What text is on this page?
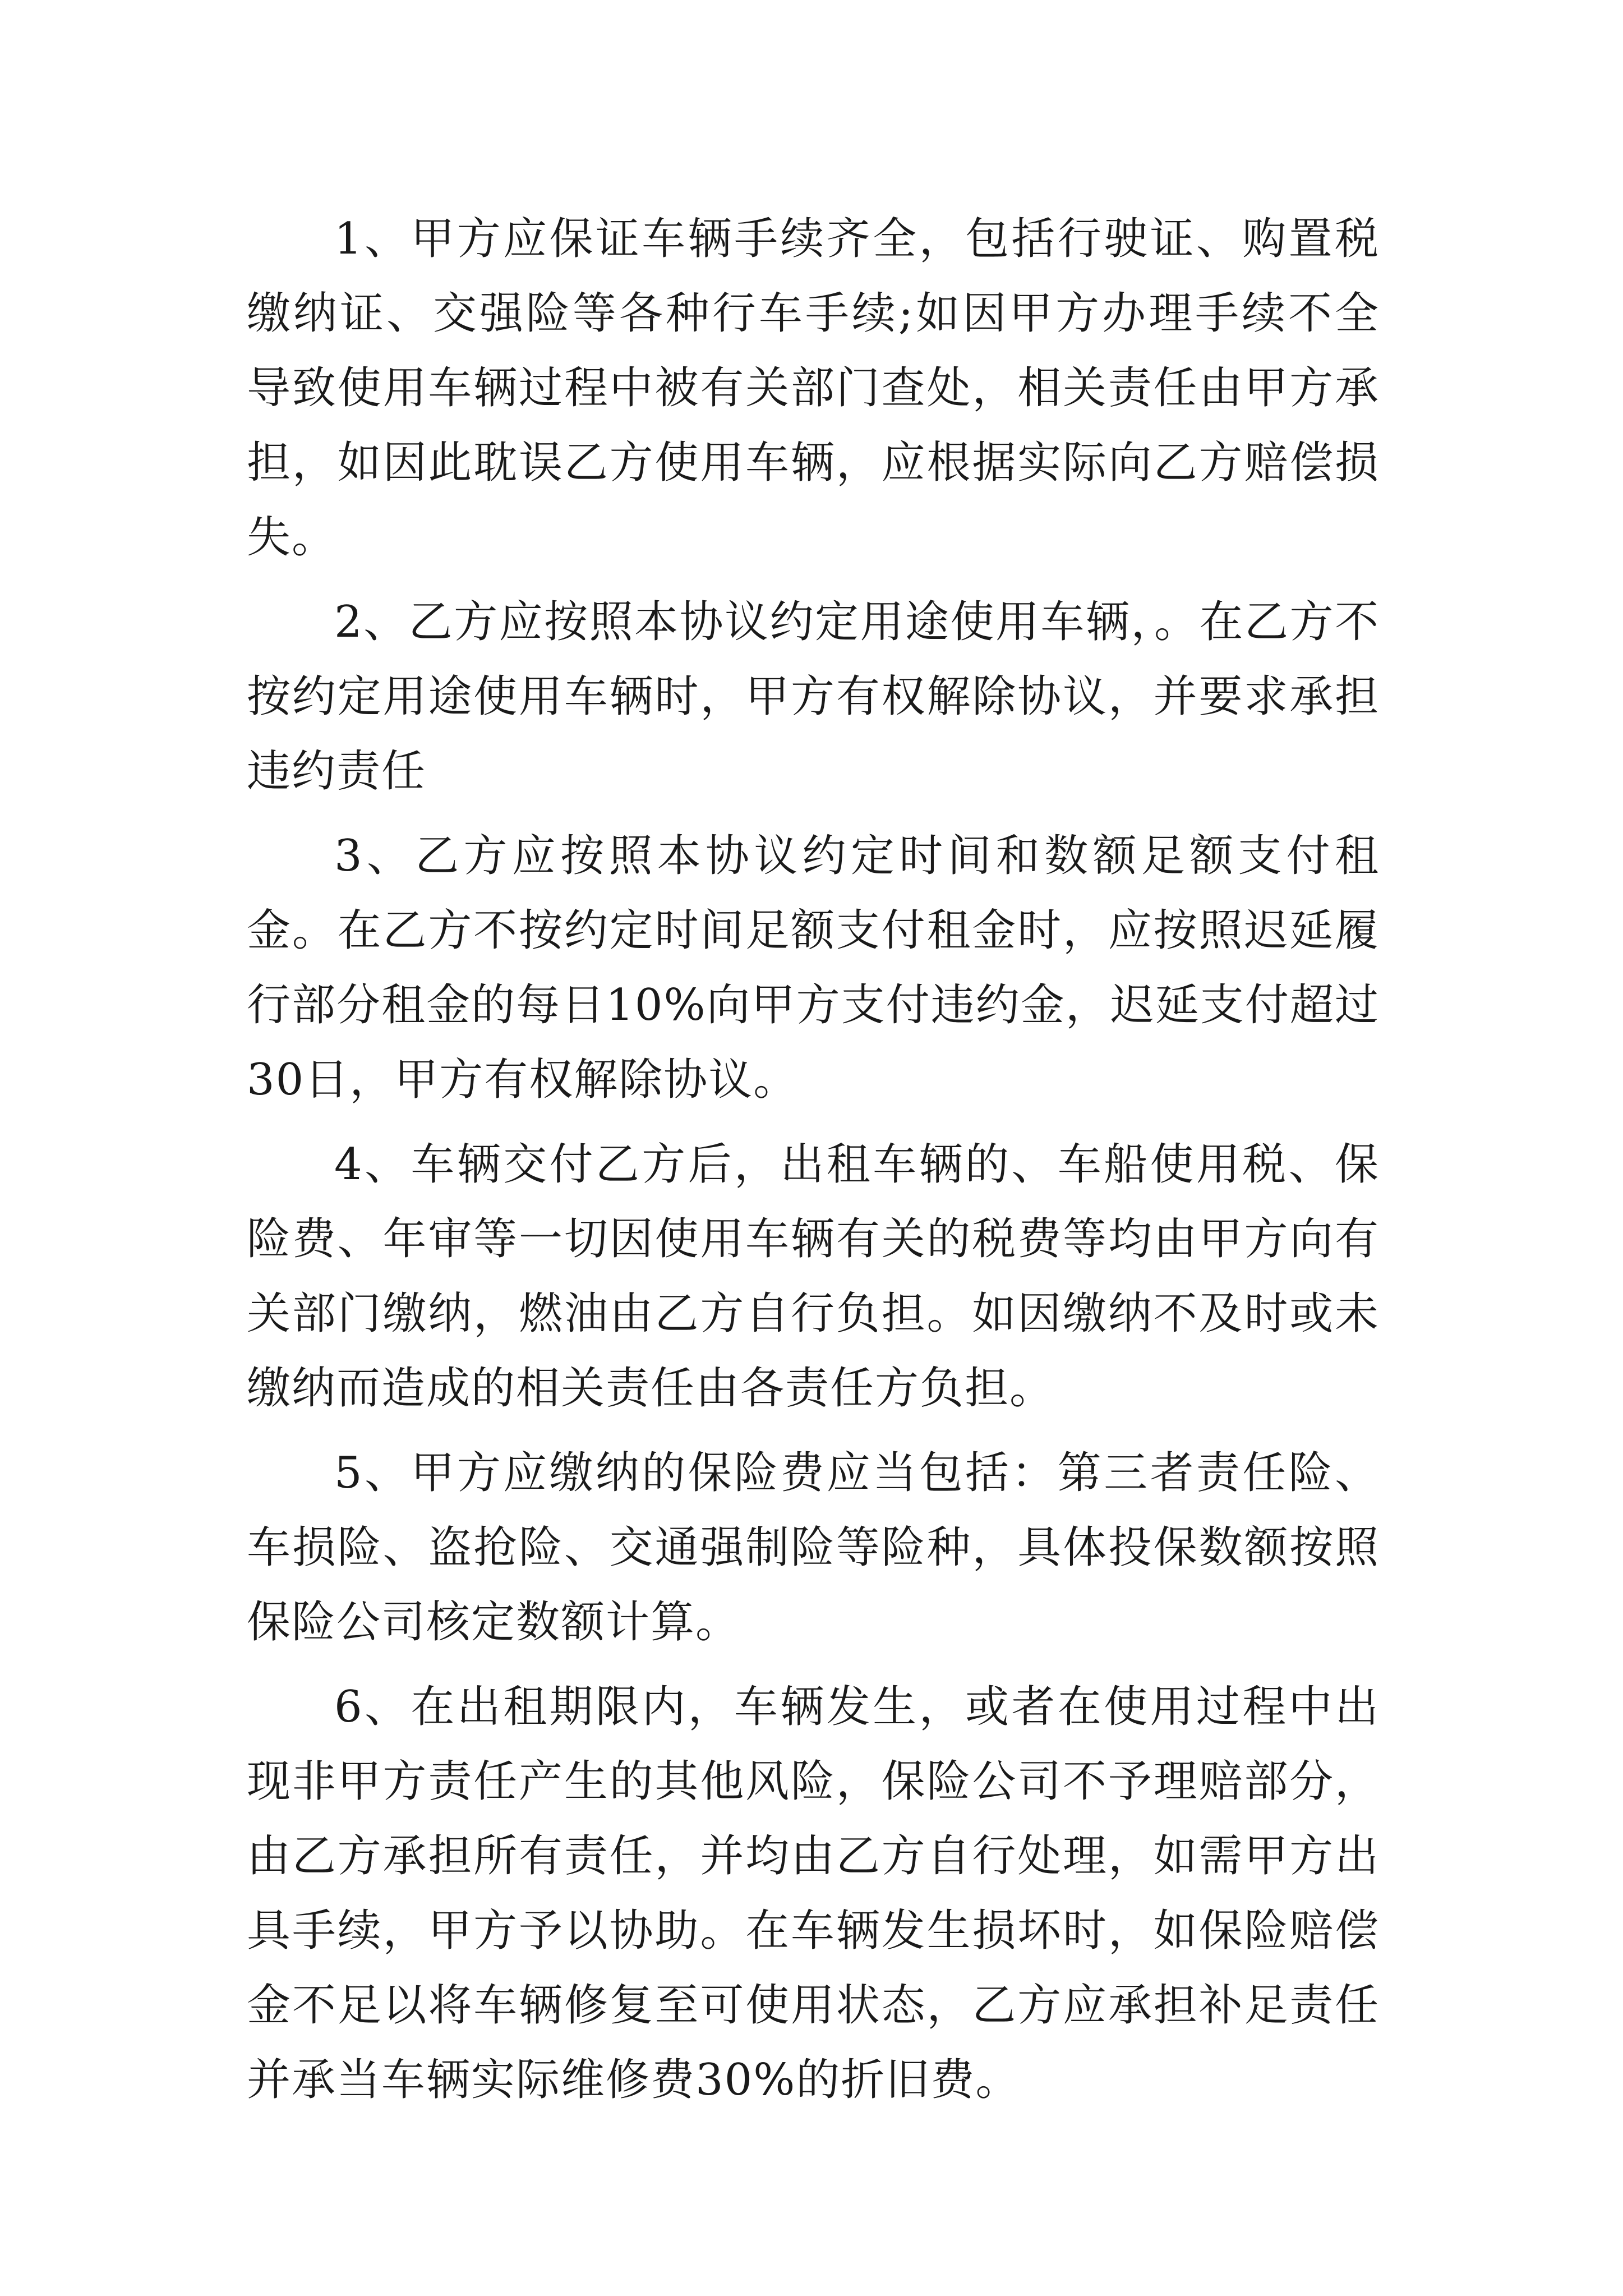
1、甲方应保证车辆手续齐全，包括行驶证、购置税缴纳证、交强险等各种行车手续;如因甲方办理手续不全导致使用车辆过程中被有关部门查处，相关责任由甲方承担，如因此耽误乙方使用车辆，应根据实际向乙方赔偿损失。

2、乙方应按照本协议约定用途使用车辆，。在乙方不按约定用途使用车辆时，甲方有权解除协议，并要求承担违约责任

3、乙方应按照本协议约定时间和数额足额支付租金。在乙方不按约定时间足额支付租金时，应按照迟延履行部分租金的每日10%向甲方支付违约金，迟延支付超过30日，甲方有权解除协议。

4、车辆交付乙方后，出租车辆的、车船使用税、保险费、年审等一切因使用车辆有关的税费等均由甲方向有关部门缴纳，燃油由乙方自行负担。如因缴纳不及时或未缴纳而造成的相关责任由各责任方负担。

5、甲方应缴纳的保险费应当包括：第三者责任险、车损险、盗抢险、交通强制险等险种，具体投保数额按照保险公司核定数额计算。

6、在出租期限内，车辆发生，或者在使用过程中出现非甲方责任产生的其他风险，保险公司不予理赔部分，由乙方承担所有责任，并均由乙方自行处理，如需甲方出具手续，甲方予以协助。在车辆发生损坏时，如保险赔偿金不足以将车辆修复至可使用状态，乙方应承担补足责任并承当车辆实际维修费30%的折旧费。
